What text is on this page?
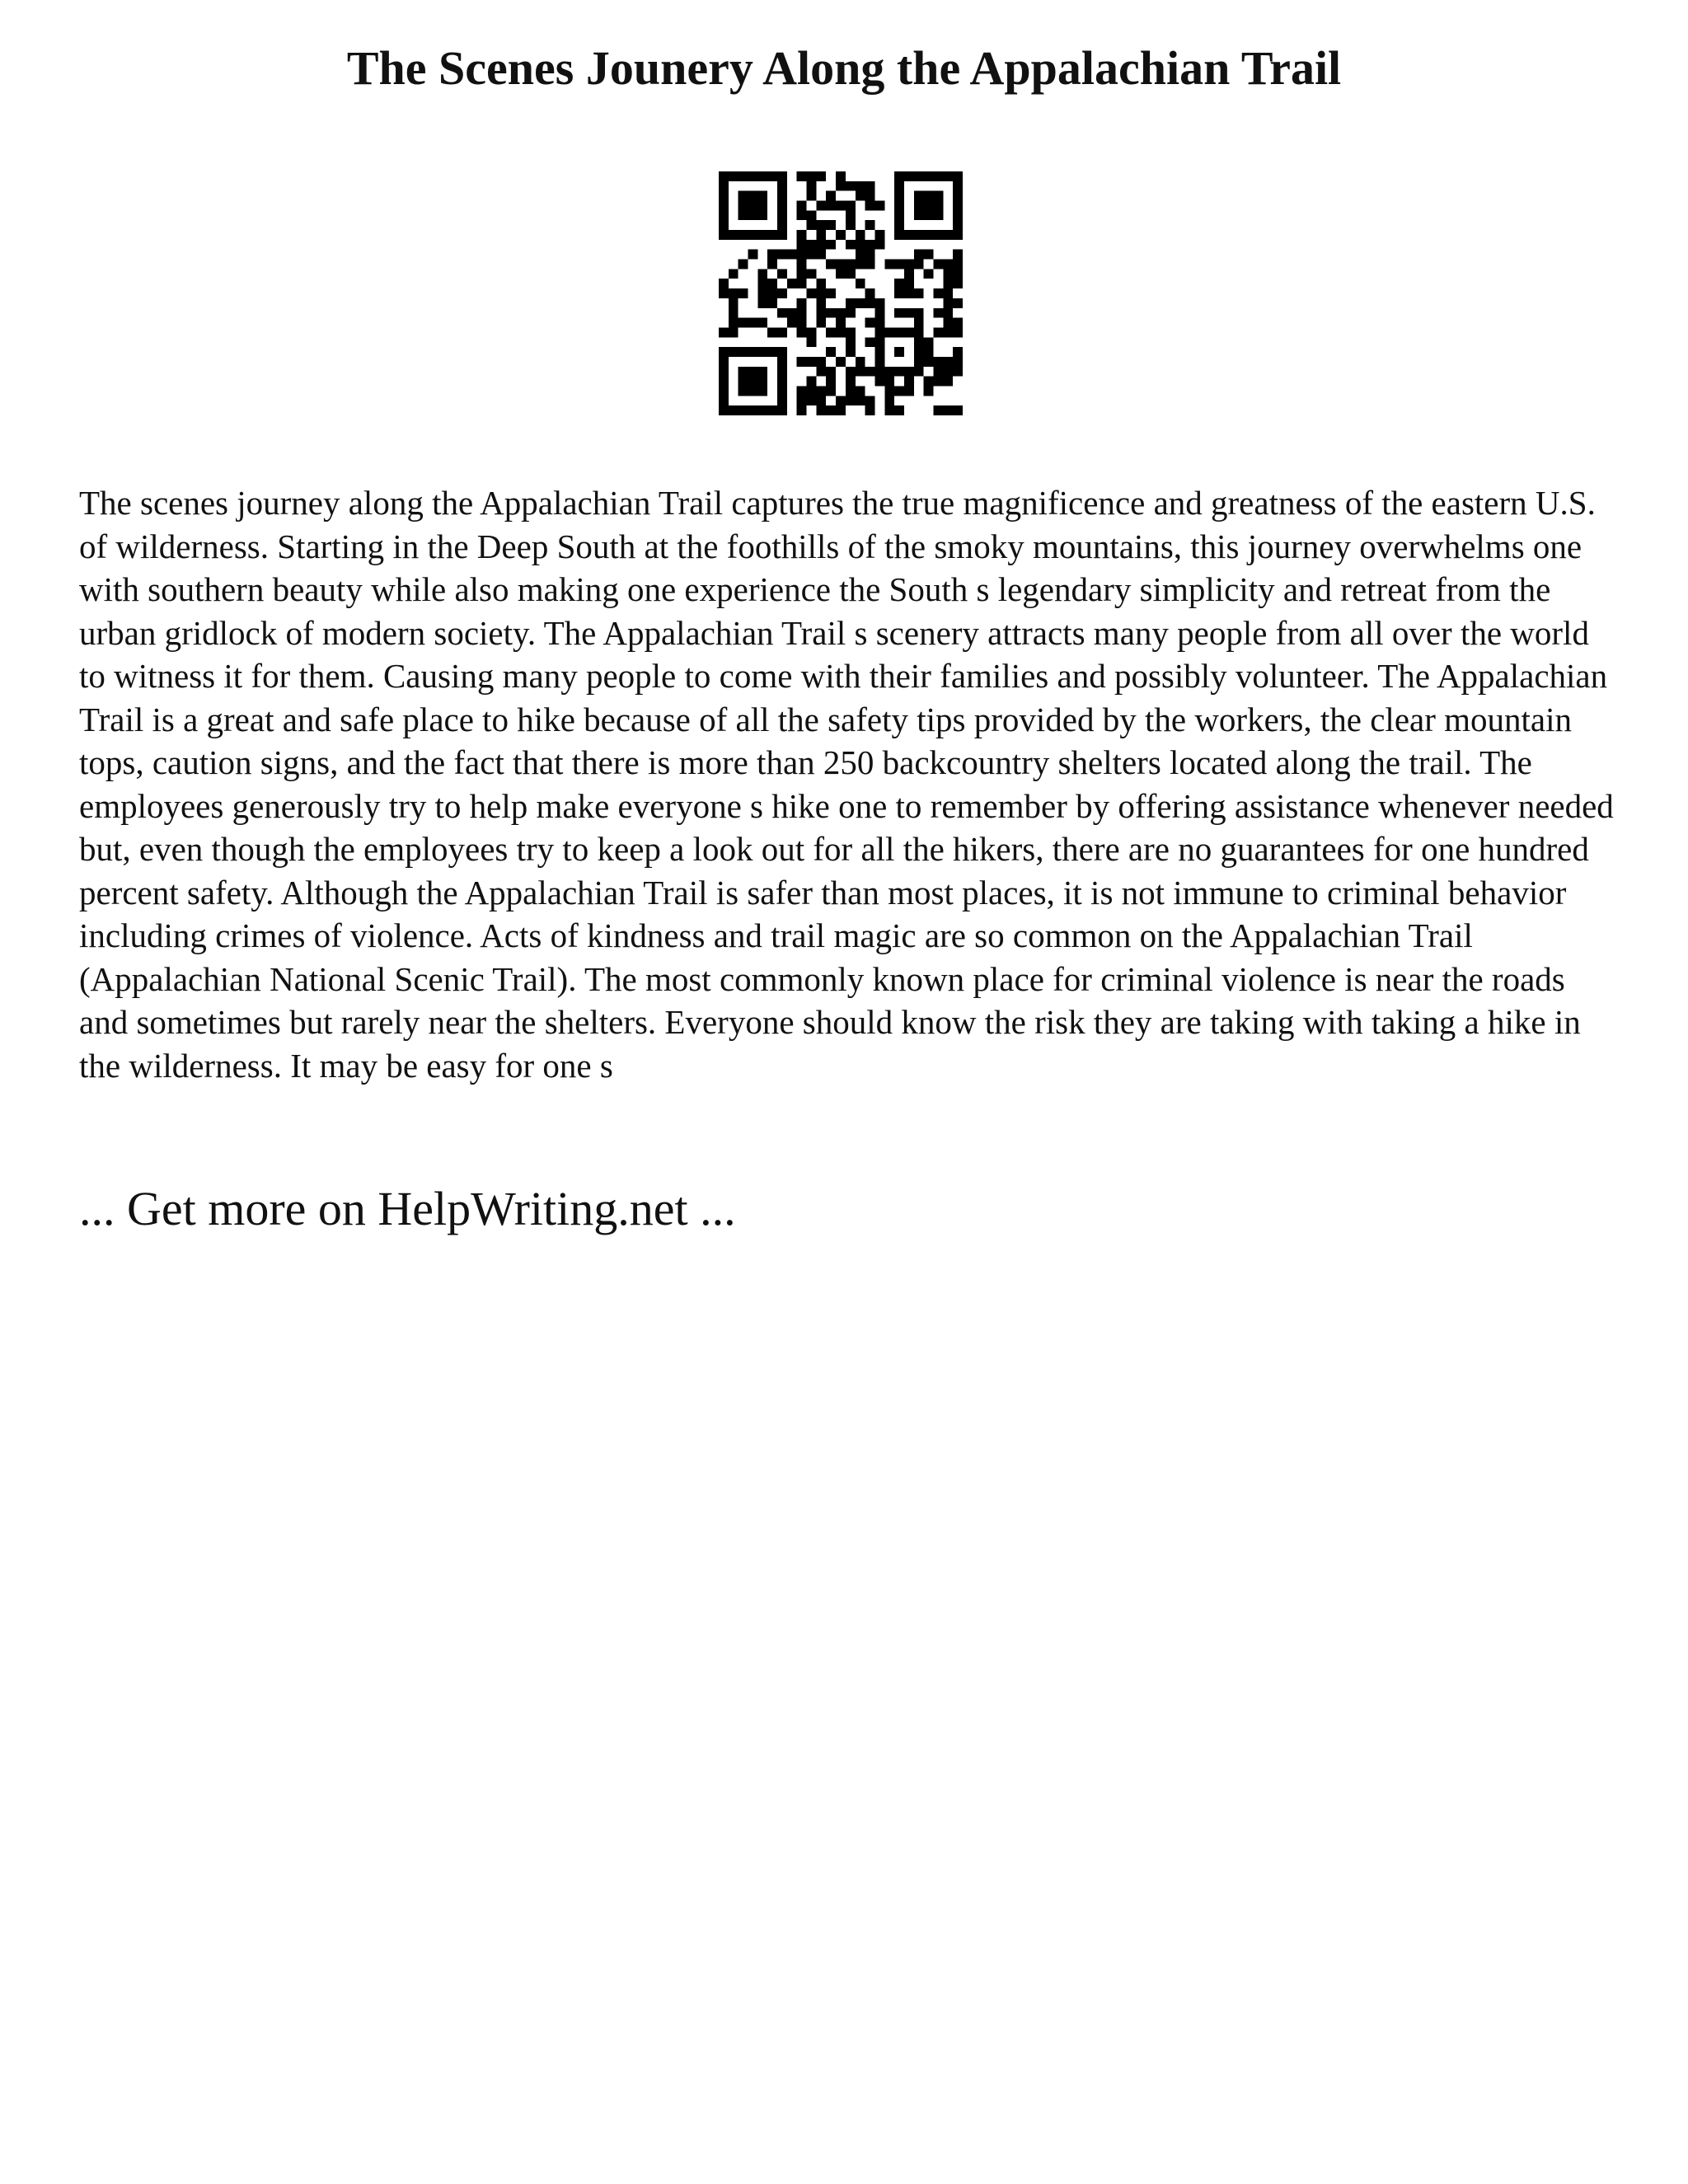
The Scenes Jounery Along the Appalachian Trail

The scenes journey along the Appalachian Trail captures the true magnificence and greatness of the eastern U.S. of wilderness. Starting in the Deep South at the foothills of the smoky mountains, this journey overwhelms one with southern beauty while also making one experience the South s legendary simplicity and retreat from the urban gridlock of modern society. The Appalachian Trail s scenery attracts many people from all over the world to witness it for them. Causing many people to come with their families and possibly volunteer. The Appalachian Trail is a great and safe place to hike because of all the safety tips provided by the workers, the clear mountain tops, caution signs, and the fact that there is more than 250 backcountry shelters located along the trail. The employees generously try to help make everyone s hike one to remember by offering assistance whenever needed but, even though the employees try to keep a look out for all the hikers, there are no guarantees for one hundred percent safety. Although the Appalachian Trail is safer than most places, it is not immune to criminal behavior including crimes of violence. Acts of kindness and trail magic are so common on the Appalachian Trail (Appalachian National Scenic Trail). The most commonly known place for criminal violence is near the roads and sometimes but rarely near the shelters. Everyone should know the risk they are taking with taking a hike in the wilderness. It may be easy for one s

... Get more on HelpWriting.net ...
